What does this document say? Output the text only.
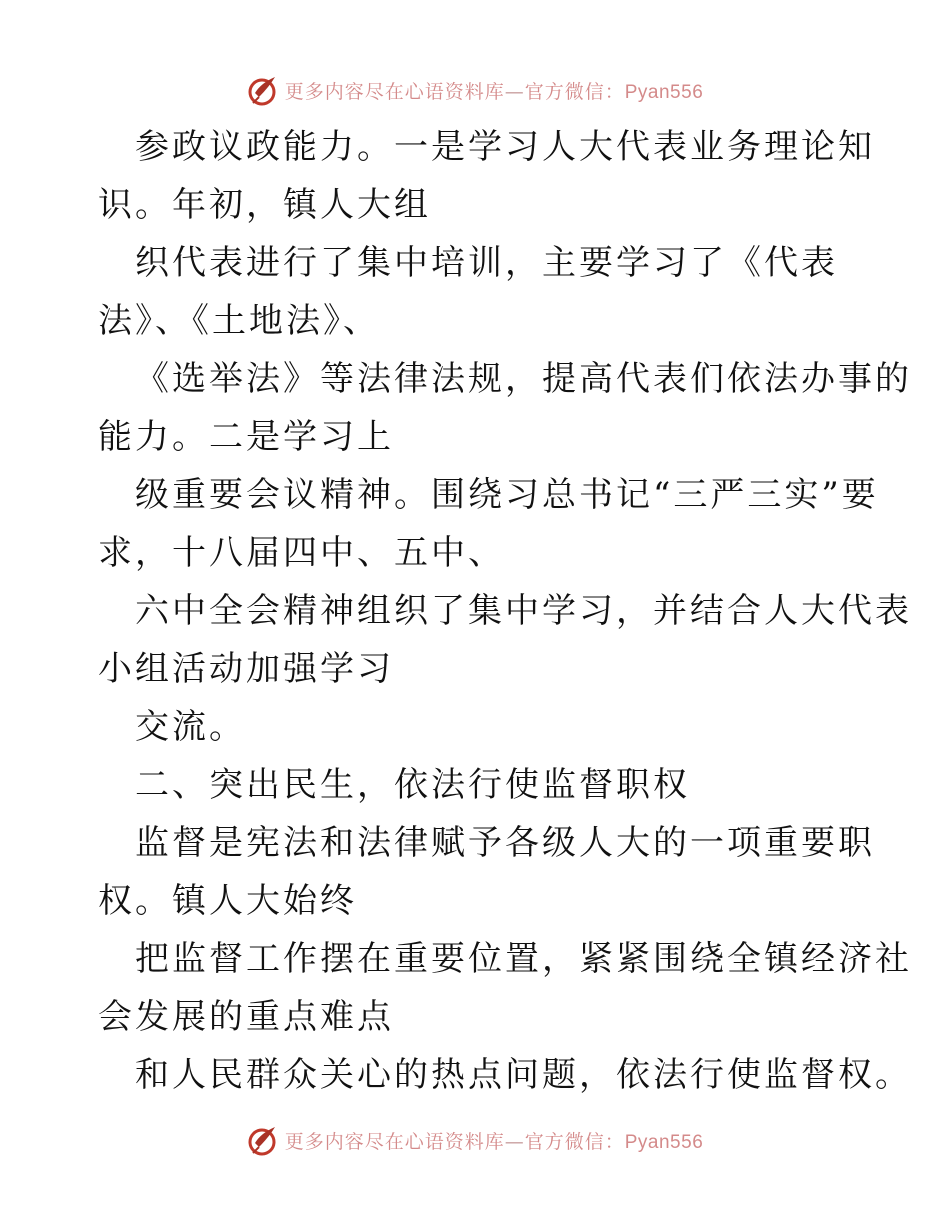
更多内容尽在心语资料库—官方微信：Pyan556
参政议政能力。一是学习人大代表业务理论知
识。年初，镇人大组
织代表进行了集中培训，主要学习了《代表
法》、《土地法》、
《选举法》等法律法规，提高代表们依法办事的
能力。二是学习上
级重要会议精神。围绕习总书记“三严三实”要
求，十八届四中、五中、
六中全会精神组织了集中学习，并结合人大代表
小组活动加强学习
交流。
二、突出民生，依法行使监督职权
监督是宪法和法律赋予各级人大的一项重要职
权。镇人大始终
把监督工作摆在重要位置，紧紧围绕全镇经济社
会发展的重点难点
和人民群众关心的热点问题，依法行使监督权。
更多内容尽在心语资料库—官方微信：Pyan556
